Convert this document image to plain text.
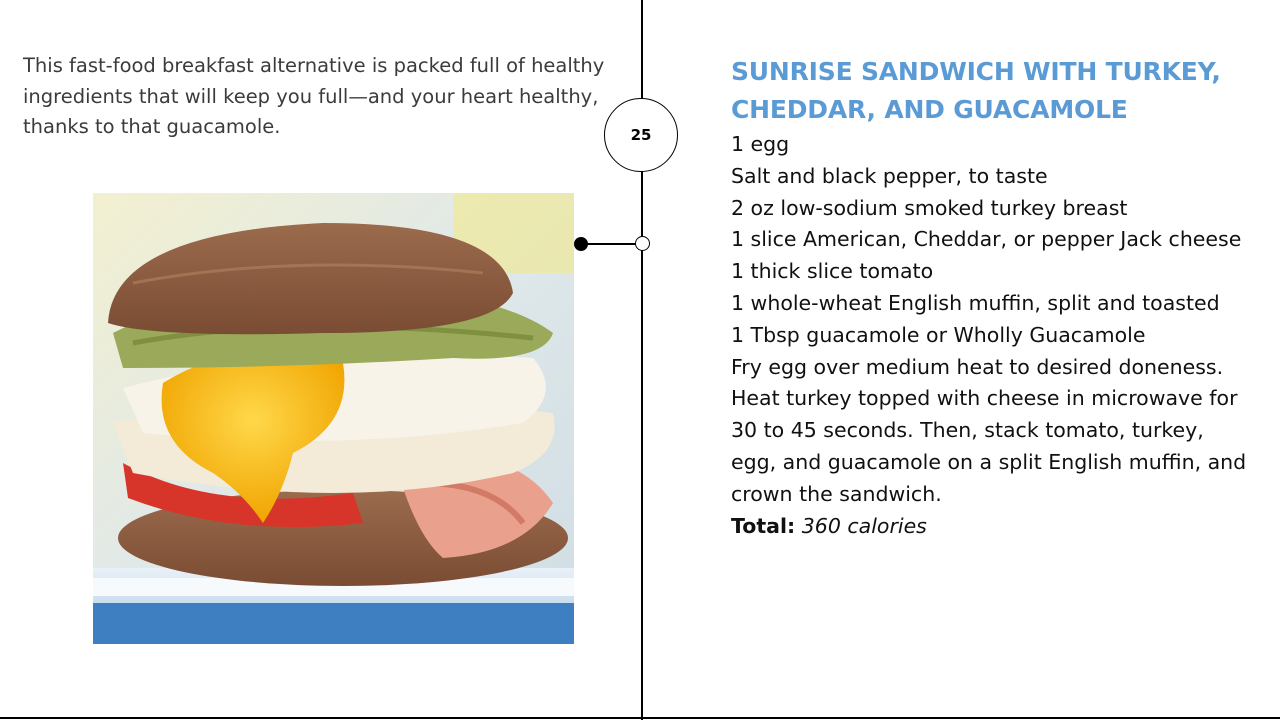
This fast-food breakfast alternative is packed full of healthy ingredients that will keep you full—and your heart healthy, thanks to that guacamole.	25
SUNRISE SANDWICH WITH TURKEY, CHEDDAR, AND GUACAMOLE

1 egg

Salt and black pepper, to taste

2 oz low-sodium smoked turkey breast

1 slice American, Cheddar, or pepper Jack cheese

1 thick slice tomato

1 whole-wheat English muffin, split and toasted

1 Tbsp guacamole or Wholly Guacamole

Fry egg over medium heat to desired doneness. Heat turkey topped with cheese in microwave for 30 to 45 seconds. Then, stack tomato, turkey, egg, and guacamole on a split English muffin, and crown the sandwich.

Total: 360 calories
